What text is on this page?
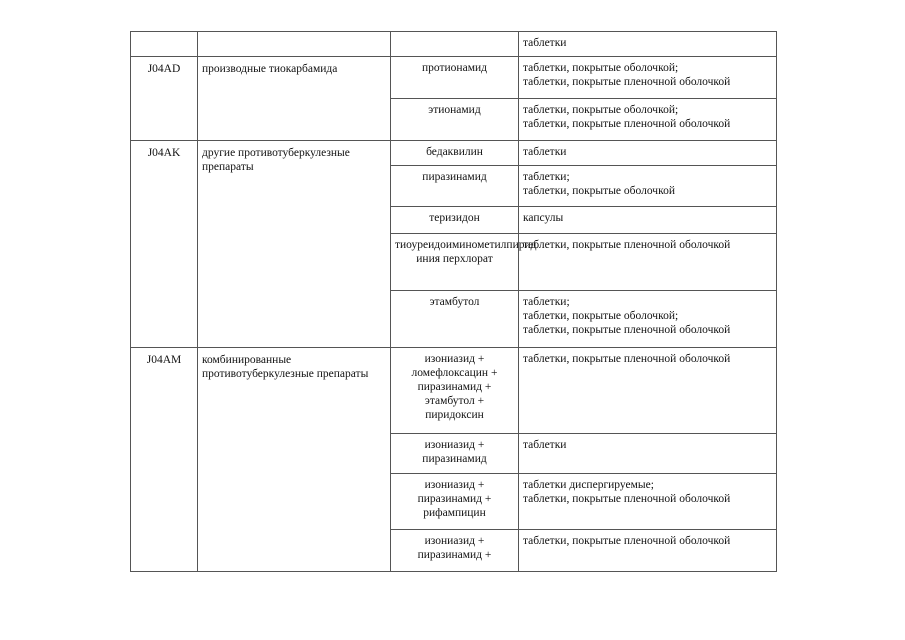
			таблетки

J04AD	производные тиокарбамида	протионамид	таблетки, покрытые оболочкой;
таблетки, покрытые пленочной оболочкой

		этионамид	таблетки, покрытые оболочкой;
таблетки, покрытые пленочной оболочкой

J04AK	другие противотуберкулезные препараты	бедаквилин	таблетки

		пиразинамид	таблетки;
таблетки, покрытые оболочкой

		теризидон	капсулы

		тиоуреидоиминометилпирид иния перхлорат	таблетки, покрытые пленочной оболочкой

		этамбутол	таблетки;
таблетки, покрытые оболочкой;
таблетки, покрытые пленочной оболочкой

J04AM	комбинированные противотуберкулезные препараты	изониазид +
ломефлоксацин +
пиразинамид +
этамбутол +
пиридоксин	таблетки, покрытые пленочной оболочкой

		изониазид +
пиразинамид	таблетки

		изониазид +
пиразинамид +
рифампицин	таблетки диспергируемые;
таблетки, покрытые пленочной оболочкой

		изониазид +
пиразинамид +	таблетки, покрытые пленочной оболочкой
